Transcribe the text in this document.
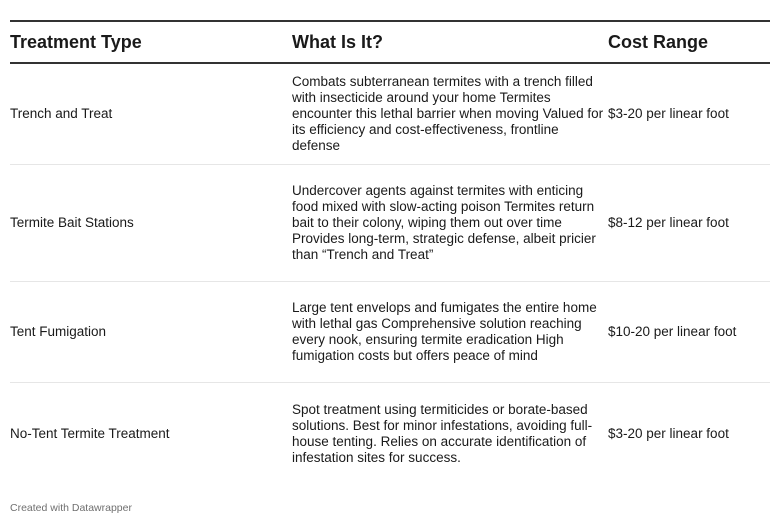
Treatment Type	What Is It?	Cost Range
Trench and Treat
Combats subterranean termites with a trench filled with insecticide around your home Termites encounter this lethal barrier when moving Valued for its efficiency and cost-effectiveness, frontline defense
$3-20 per linear foot
Termite Bait Stations
Undercover agents against termites with enticing food mixed with slow-acting poison Termites return bait to their colony, wiping them out over time Provides long-term, strategic defense, albeit pricier than “Trench and Treat”
$8-12 per linear foot
Tent Fumigation
Large tent envelops and fumigates the entire home with lethal gas Comprehensive solution reaching every nook, ensuring termite eradication High fumigation costs but offers peace of mind
$10-20 per linear foot
No-Tent Termite Treatment
Spot treatment using termiticides or borate-based solutions. Best for minor infestations, avoiding full-house tenting. Relies on accurate identification of infestation sites for success.
$3-20 per linear foot
Created with Datawrapper
